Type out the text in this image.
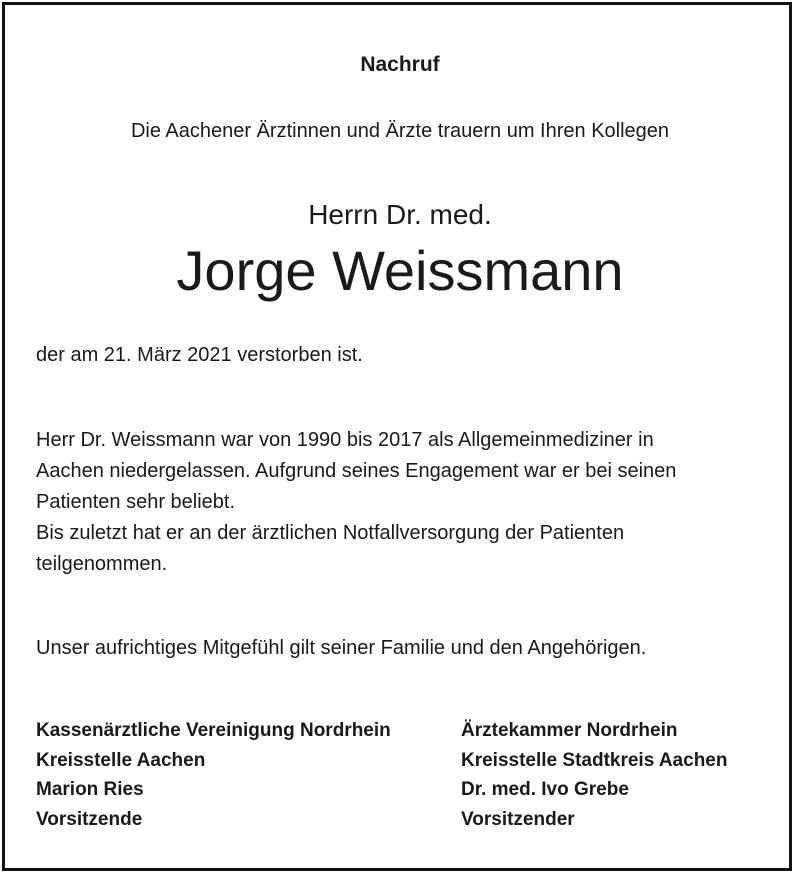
Nachruf
Die Aachener Ärztinnen und Ärzte trauern um Ihren Kollegen
Herrn Dr. med.
Jorge Weissmann
der am 21. März 2021 verstorben ist.
Herr Dr. Weissmann war von 1990 bis 2017 als Allgemeinmediziner in
Aachen niedergelassen. Aufgrund seines Engagement war er bei seinen
Patienten sehr beliebt.
Bis zuletzt hat er an der ärztlichen Notfallversorgung der Patienten
teilgenommen.
Unser aufrichtiges Mitgefühl gilt seiner Familie und den Angehörigen.
Kassenärztliche Vereinigung Nordrhein
Kreisstelle Aachen
Marion Ries
Vorsitzende
Ärztekammer Nordrhein
Kreisstelle Stadtkreis Aachen
Dr. med. Ivo Grebe
Vorsitzender
